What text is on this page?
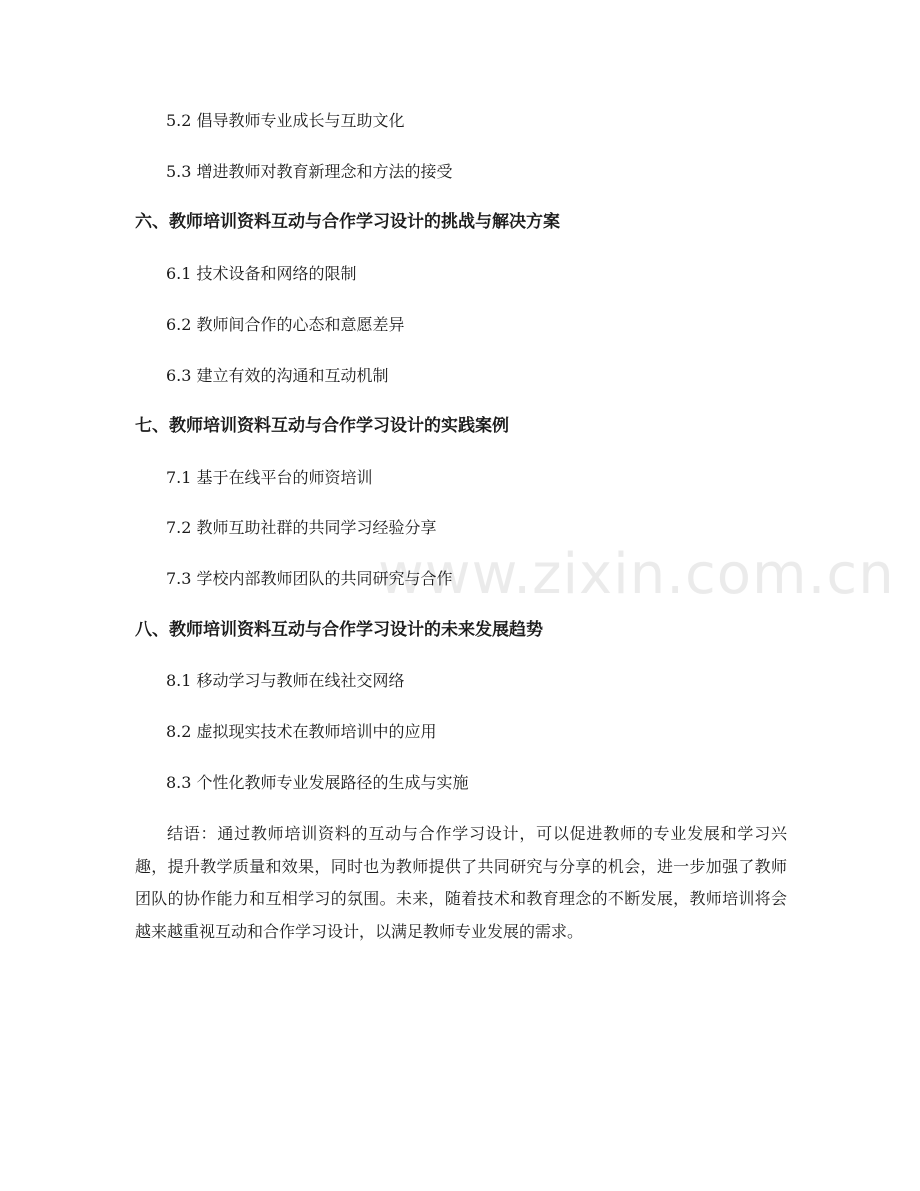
www.zixin.com.cn
5.2 倡导教师专业成长与互助文化
5.3 增进教师对教育新理念和方法的接受
六、教师培训资料互动与合作学习设计的挑战与解决方案
6.1 技术设备和网络的限制
6.2 教师间合作的心态和意愿差异
6.3 建立有效的沟通和互动机制
七、教师培训资料互动与合作学习设计的实践案例
7.1 基于在线平台的师资培训
7.2 教师互助社群的共同学习经验分享
7.3 学校内部教师团队的共同研究与合作
八、教师培训资料互动与合作学习设计的未来发展趋势
8.1 移动学习与教师在线社交网络
8.2 虚拟现实技术在教师培训中的应用
8.3 个性化教师专业发展路径的生成与实施
结语：通过教师培训资料的互动与合作学习设计，可以促进教师的专业发展和学习兴趣，提升教学质量和效果，同时也为教师提供了共同研究与分享的机会，进一步加强了教师团队的协作能力和互相学习的氛围。未来，随着技术和教育理念的不断发展，教师培训将会越来越重视互动和合作学习设计，以满足教师专业发展的需求。
